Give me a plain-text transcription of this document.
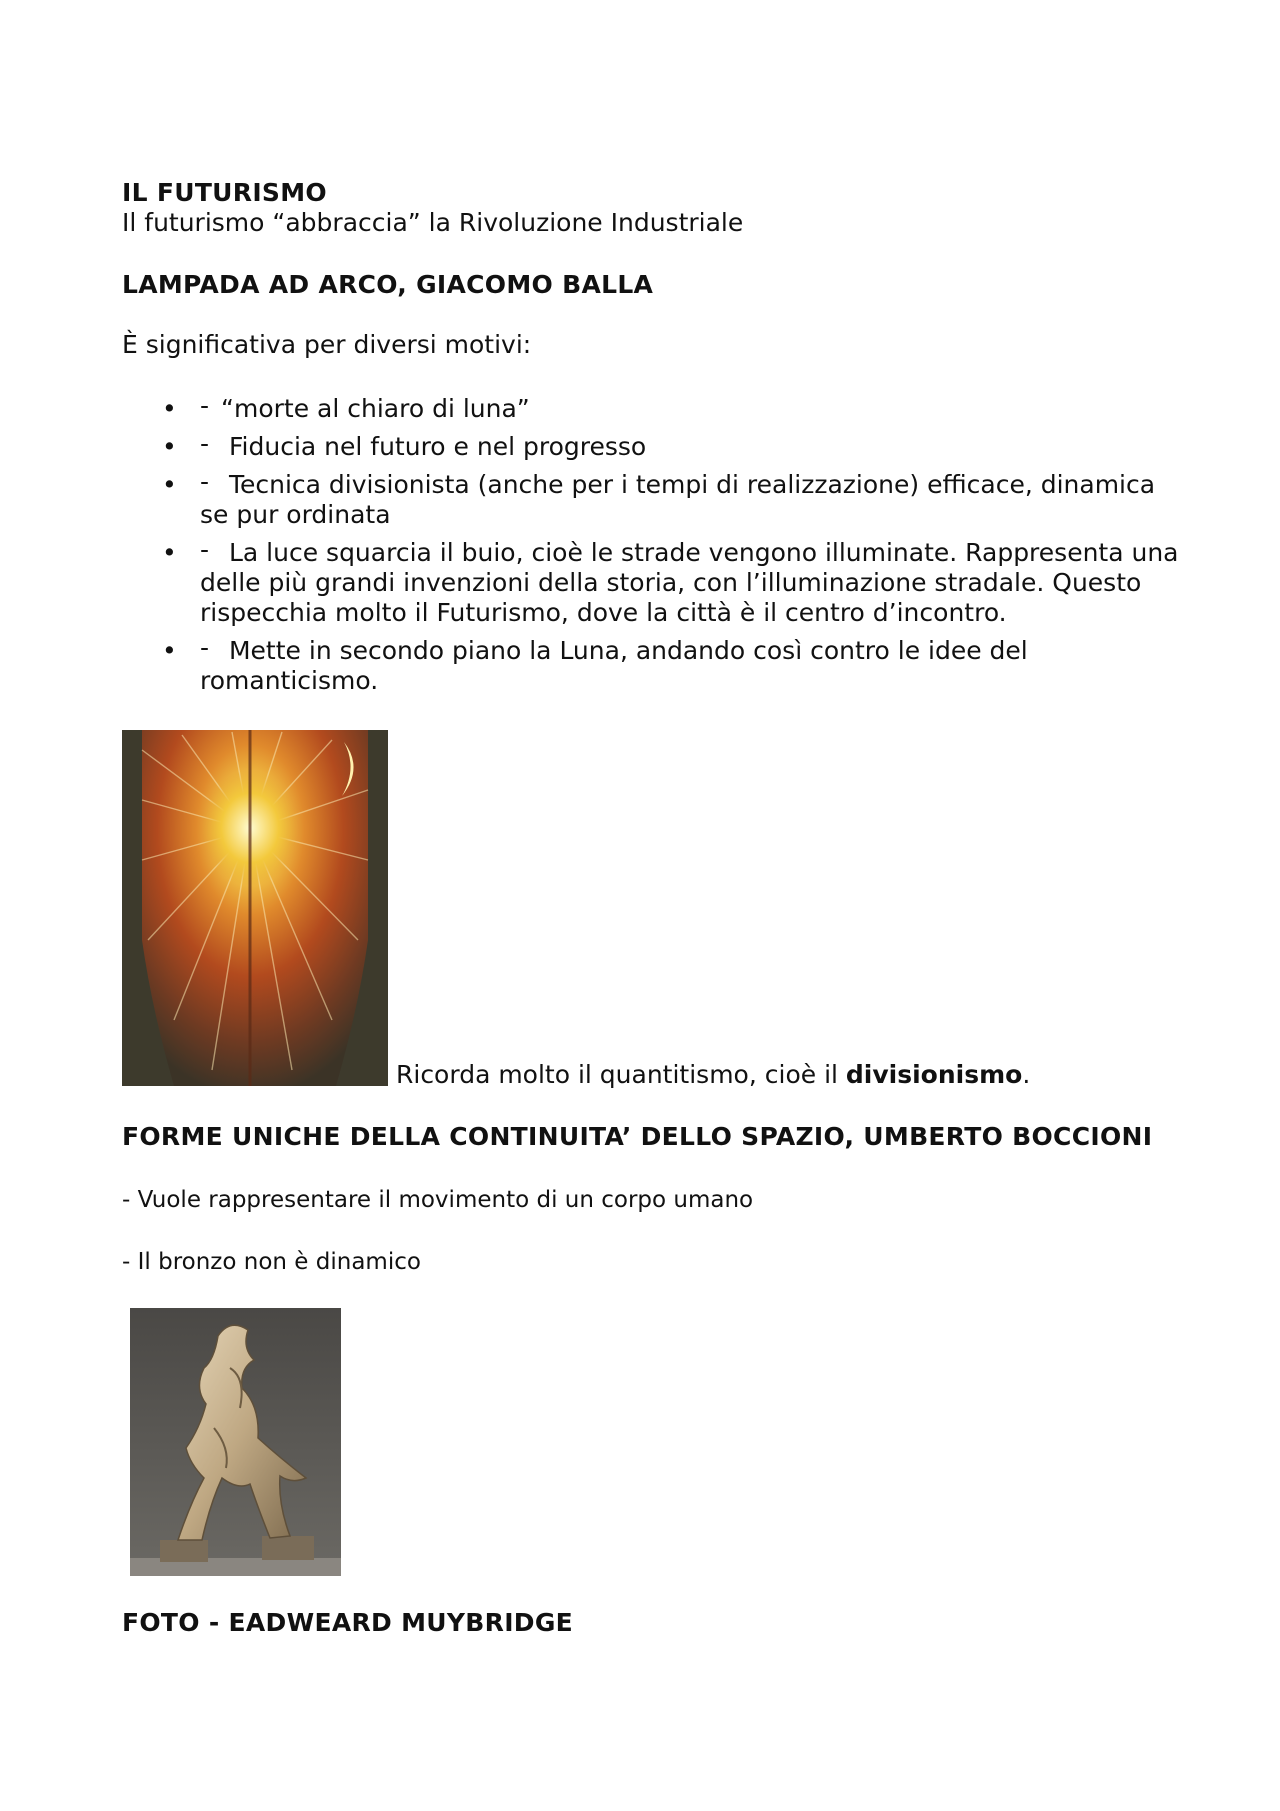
IL FUTURISMO

Il futurismo “abbraccia” la Rivoluzione Industriale

LAMPADA AD ARCO, GIACOMO BALLA

È significativa per diversi motivi:

• - “morte al chiaro di luna”
• - Fiducia nel futuro e nel progresso
• - Tecnica divisionista (anche per i tempi di realizzazione) efficace, dinamica se pur ordinata
• - La luce squarcia il buio, cioè le strade vengono illuminate. Rappresenta una delle più grandi invenzioni della storia, con l’illuminazione stradale. Questo rispecchia molto il Futurismo, dove la città è il centro d’incontro.
• - Mette in secondo piano la Luna, andando così contro le idee del romanticismo.
Ricorda molto il quantitismo, cioè il divisionismo.

FORME UNICHE DELLA CONTINUITA’ DELLO SPAZIO, UMBERTO BOCCIONI

- Vuole rappresentare il movimento di un corpo umano

- Il bronzo non è dinamico

FOTO - EADWEARD MUYBRIDGE
